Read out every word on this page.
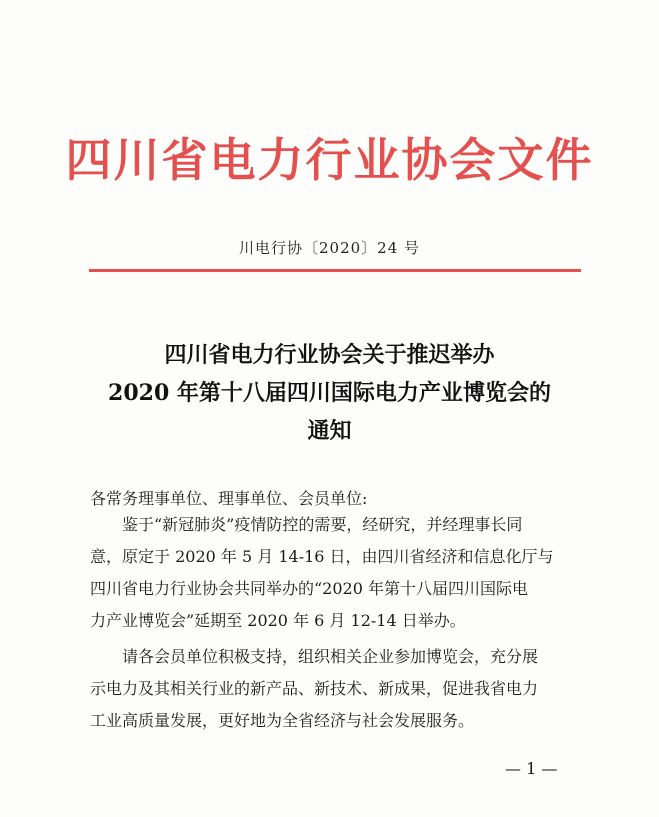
四川省电力行业协会文件
川电行协〔2020〕24 号
四川省电力行业协会关于推迟举办
2020 年第十八届四川国际电力产业博览会的
通知
各常务理事单位、理事单位、会员单位:
鉴于“新冠肺炎”疫情防控的需要，经研究，并经理事长同
意，原定于 2020 年 5 月 14-16 日，由四川省经济和信息化厅与
四川省电力行业协会共同举办的“2020 年第十八届四川国际电
力产业博览会”延期至 2020 年 6 月 12-14 日举办。
请各会员单位积极支持，组织相关企业参加博览会，充分展
示电力及其相关行业的新产品、新技术、新成果，促进我省电力
工业高质量发展，更好地为全省经济与社会发展服务。
— 1 —
